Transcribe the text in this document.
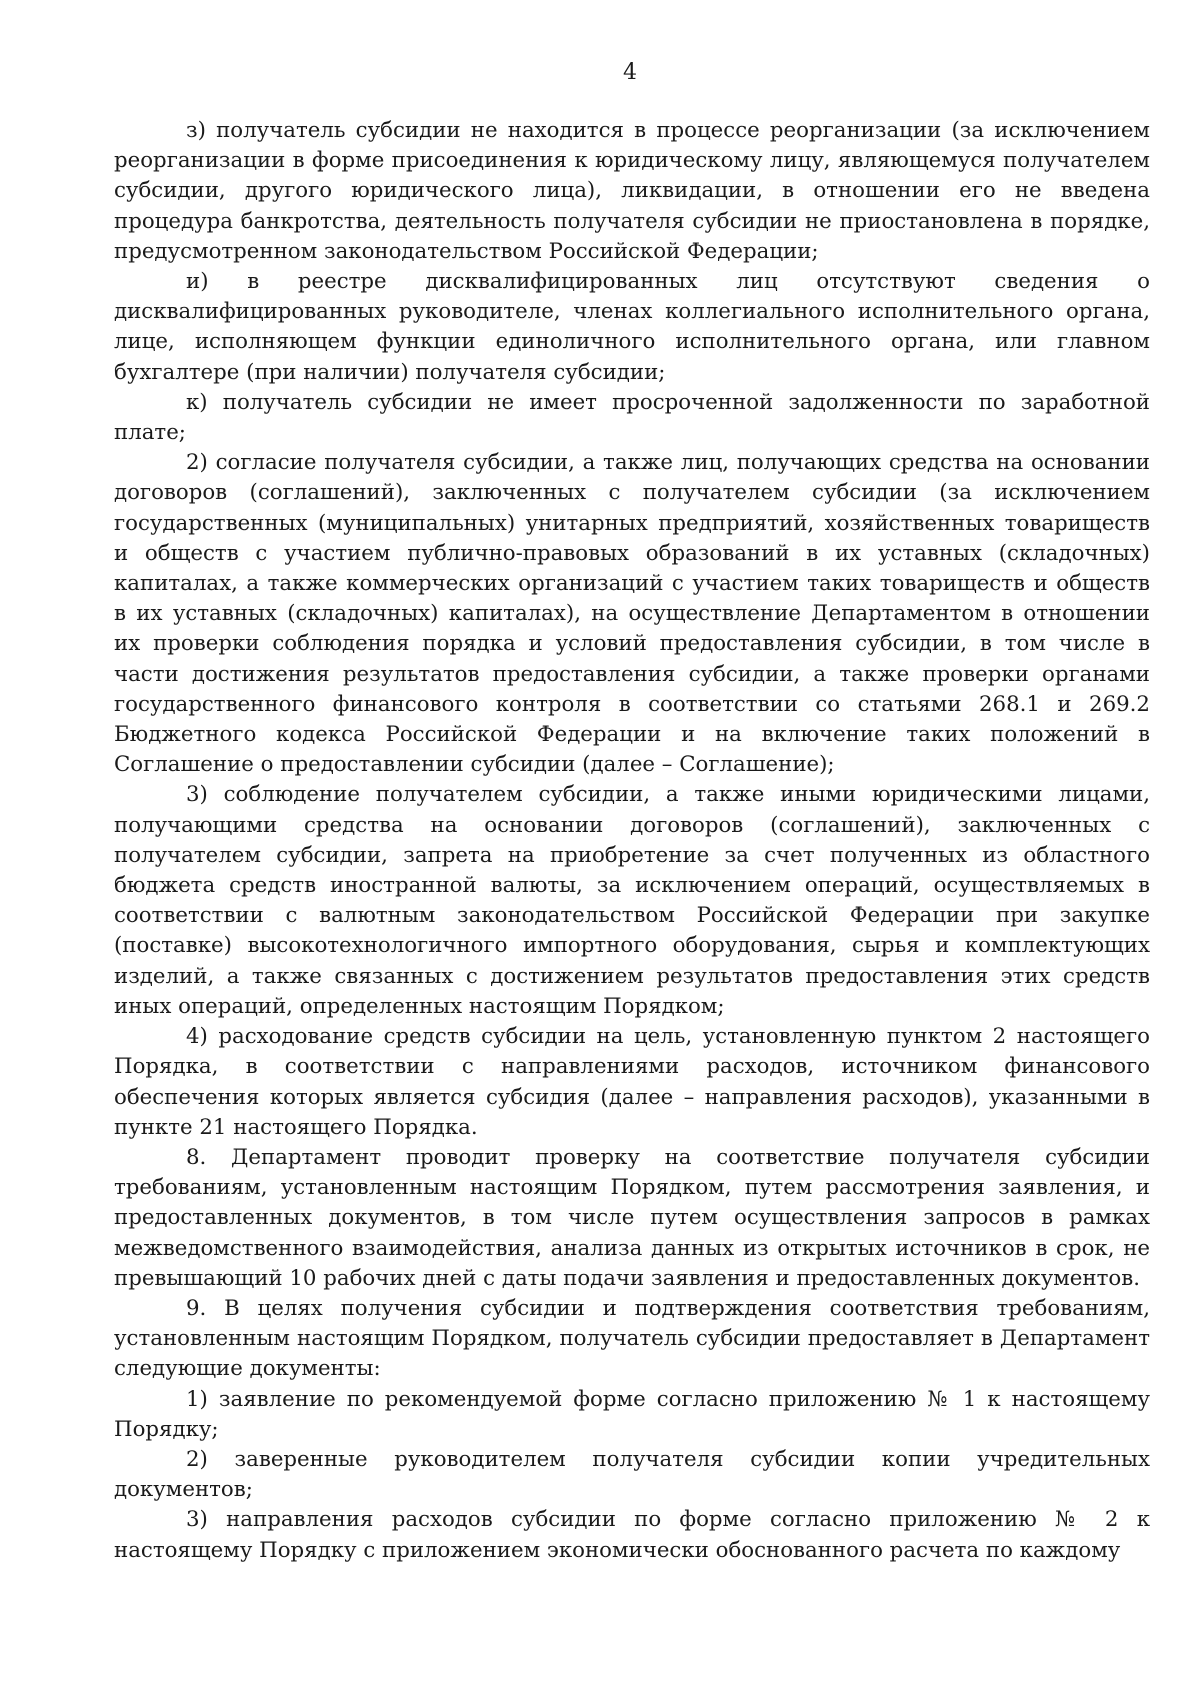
4

з) получатель субсидии не находится в процессе реорганизации (за исключением реорганизации в форме присоединения к юридическому лицу, являющемуся получателем субсидии, другого юридического лица), ликвидации, в отношении его не введена процедура банкротства, деятельность получателя субсидии не приостановлена в порядке, предусмотренном законодательством Российской Федерации;

и) в реестре дисквалифицированных лиц отсутствуют сведения о дисквалифицированных руководителе, членах коллегиального исполнительного органа, лице, исполняющем функции единоличного исполнительного органа, или главном бухгалтере (при наличии) получателя субсидии;

к) получатель субсидии не имеет просроченной задолженности по заработной плате;

2) согласие получателя субсидии, а также лиц, получающих средства на основании договоров (соглашений), заключенных с получателем субсидии (за исключением государственных (муниципальных) унитарных предприятий, хозяйственных товариществ и обществ с участием публично-правовых образований в их уставных (складочных) капиталах, а также коммерческих организаций с участием таких товариществ и обществ в их уставных (складочных) капиталах), на осуществление Департаментом в отношении их проверки соблюдения порядка и условий предоставления субсидии, в том числе в части достижения результатов предоставления субсидии, а также проверки органами государственного финансового контроля в соответствии со статьями 268.1 и 269.2 Бюджетного кодекса Российской Федерации и на включение таких положений в Соглашение о предоставлении субсидии (далее – Соглашение);

3) соблюдение получателем субсидии, а также иными юридическими лицами, получающими средства на основании договоров (соглашений), заключенных с получателем субсидии, запрета на приобретение за счет полученных из областного бюджета средств иностранной валюты, за исключением операций, осуществляемых в соответствии с валютным законодательством Российской Федерации при закупке (поставке) высокотехнологичного импортного оборудования, сырья и комплектующих изделий, а также связанных с достижением результатов предоставления этих средств иных операций, определенных настоящим Порядком;

4) расходование средств субсидии на цель, установленную пунктом 2 настоящего Порядка, в соответствии с направлениями расходов, источником финансового обеспечения которых является субсидия (далее – направления расходов), указанными в пункте 21 настоящего Порядка.

8. Департамент проводит проверку на соответствие получателя субсидии требованиям, установленным настоящим Порядком, путем рассмотрения заявления, и предоставленных документов, в том числе путем осуществления запросов в рамках межведомственного взаимодействия, анализа данных из открытых источников в срок, не превышающий 10 рабочих дней с даты подачи заявления и предоставленных документов.

9. В целях получения субсидии и подтверждения соответствия требованиям, установленным настоящим Порядком, получатель субсидии предоставляет в Департамент следующие документы:

1) заявление по рекомендуемой форме согласно приложению № 1 к настоящему Порядку;

2) заверенные руководителем получателя субсидии копии учредительных документов;

3) направления расходов субсидии по форме согласно приложению № 2 к настоящему Порядку с приложением экономически обоснованного расчета по каждому
